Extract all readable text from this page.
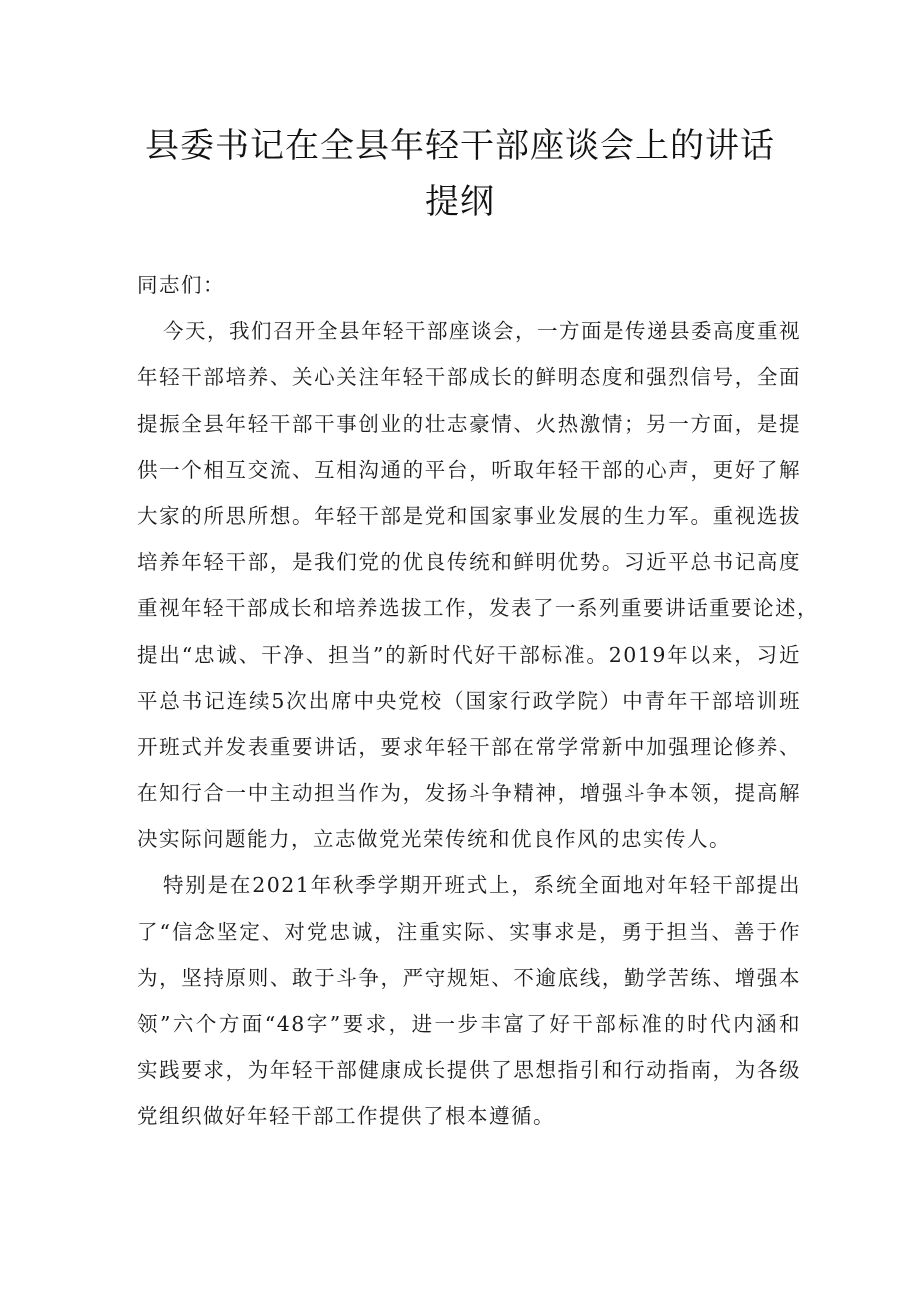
县委书记在全县年轻干部座谈会上的讲话
提纲
同志们：
今天，我们召开全县年轻干部座谈会，一方面是传递县委高度重视
年轻干部培养、关心关注年轻干部成长的鲜明态度和强烈信号，全面
提振全县年轻干部干事创业的壮志豪情、火热激情；另一方面，是提
供一个相互交流、互相沟通的平台，听取年轻干部的心声，更好了解
大家的所思所想。年轻干部是党和国家事业发展的生力军。重视选拔
培养年轻干部，是我们党的优良传统和鲜明优势。习近平总书记高度
重视年轻干部成长和培养选拔工作，发表了一系列重要讲话重要论述，
提出“忠诚、干净、担当”的新时代好干部标准。2019年以来，习近
平总书记连续5次出席中央党校（国家行政学院）中青年干部培训班
开班式并发表重要讲话，要求年轻干部在常学常新中加强理论修养、
在知行合一中主动担当作为，发扬斗争精神，增强斗争本领，提高解
决实际问题能力，立志做党光荣传统和优良作风的忠实传人。
特别是在2021年秋季学期开班式上，系统全面地对年轻干部提出
了“信念坚定、对党忠诚，注重实际、实事求是，勇于担当、善于作
为，坚持原则、敢于斗争，严守规矩、不逾底线，勤学苦练、增强本
领”六个方面“48字”要求，进一步丰富了好干部标准的时代内涵和
实践要求，为年轻干部健康成长提供了思想指引和行动指南，为各级
党组织做好年轻干部工作提供了根本遵循。
